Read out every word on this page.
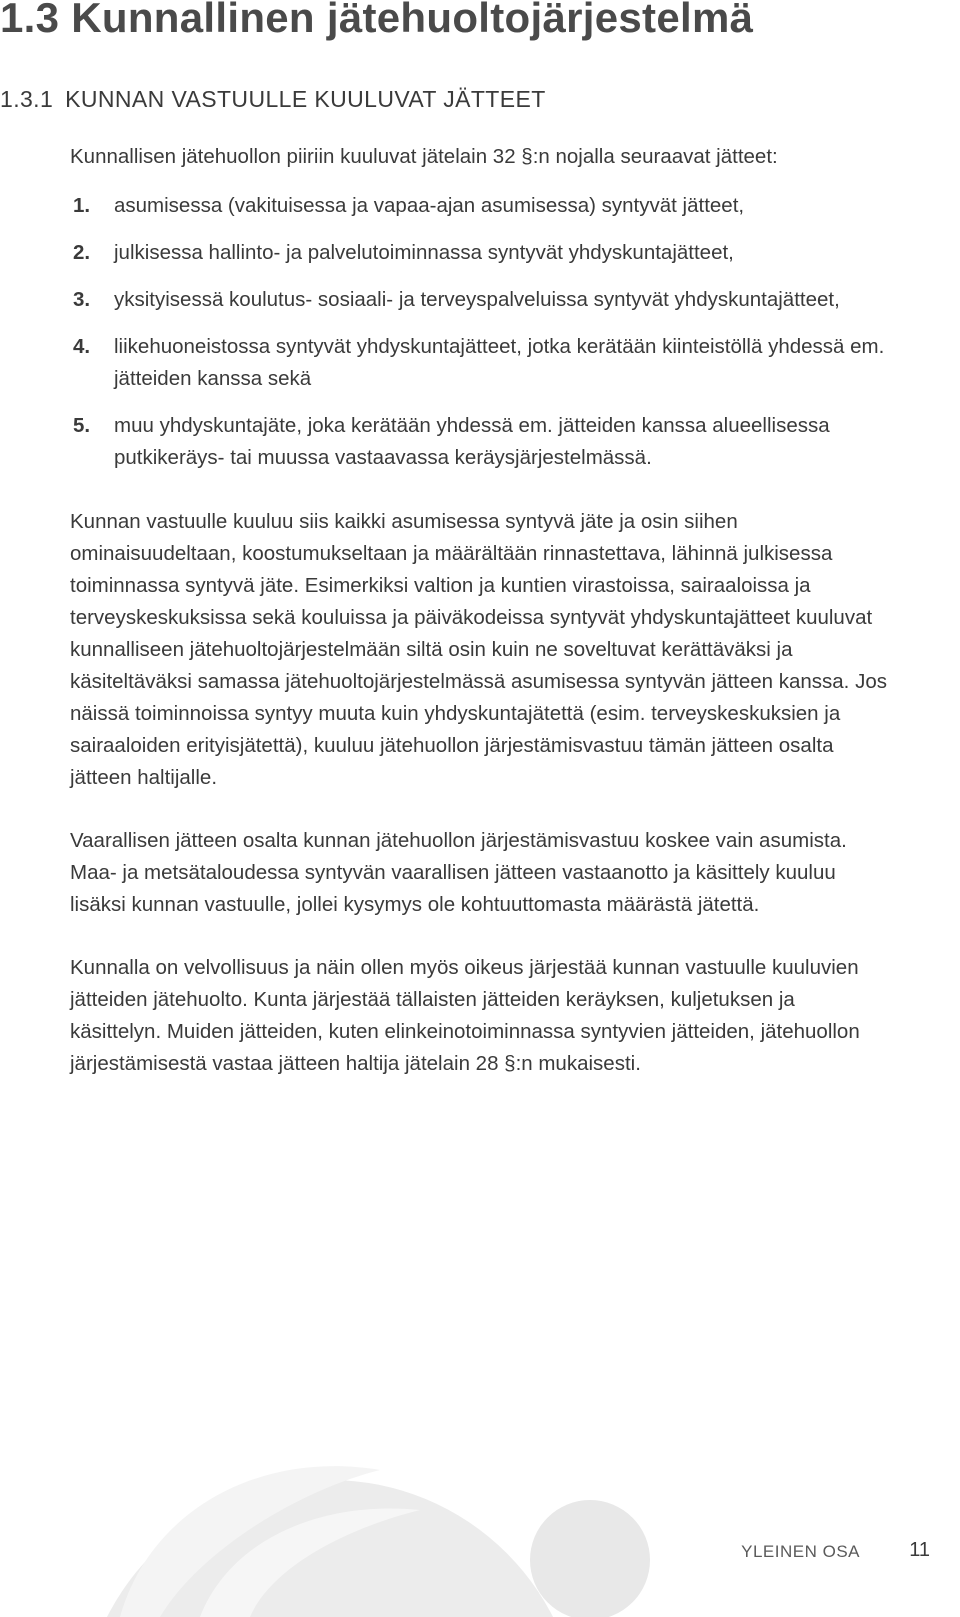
1.3 Kunnallinen jätehuoltojärjestelmä
1.3.1 KUNNAN VASTUULLE KUULUVAT JÄTTEET

Kunnallisen jätehuollon piiriin kuuluvat jätelain 32 §:n nojalla seuraavat jätteet:

1.	asumisessa (vakituisessa ja vapaa-ajan asumisessa) syntyvät jätteet,
2.	julkisessa hallinto- ja palvelutoiminnassa syntyvät yhdyskuntajätteet,
3.	yksityisessä koulutus- sosiaali- ja terveyspalveluissa syntyvät yhdyskuntajätteet,
4.	liikehuoneistossa syntyvät yhdyskuntajätteet, jotka kerätään kiinteistöllä yhdessä em. jätteiden kanssa sekä
5.	muu yhdyskuntajäte, joka kerätään yhdessä em. jätteiden kanssa alueellisessa putkikeräys- tai muussa vastaavassa keräysjärjestelmässä.

Kunnan vastuulle kuuluu siis kaikki asumisessa syntyvä jäte ja osin siihen ominaisuudeltaan, koostumukseltaan ja määrältään rinnastettava, lähinnä julkisessa toiminnassa syntyvä jäte. Esimerkiksi valtion ja kuntien virastoissa, sairaaloissa ja terveyskeskuksissa sekä kouluissa ja päiväkodeissa syntyvät yhdyskuntajätteet kuuluvat kunnalliseen jätehuoltojärjestelmään siltä osin kuin ne soveltuvat kerättäväksi ja käsiteltäväksi samassa jätehuoltojärjestelmässä asumisessa syntyvän jätteen kanssa. Jos näissä toiminnoissa syntyy muuta kuin yhdyskuntajätettä (esim. terveyskeskuksien ja sairaaloiden erityisjätettä), kuuluu jätehuollon järjestämisvastuu tämän jätteen osalta jätteen haltijalle.

Vaarallisen jätteen osalta kunnan jätehuollon järjestämisvastuu koskee vain asumista. Maa- ja metsätaloudessa syntyvän vaarallisen jätteen vastaanotto ja käsittely kuuluu lisäksi kunnan vastuulle, jollei kysymys ole kohtuuttomasta määrästä jätettä.

Kunnalla on velvollisuus ja näin ollen myös oikeus järjestää kunnan vastuulle kuuluvien jätteiden jätehuolto. Kunta järjestää tällaisten jätteiden keräyksen, kuljetuksen ja käsittelyn. Muiden jätteiden, kuten elinkeinotoiminnassa syntyvien jätteiden, jätehuollon järjestämisestä vastaa jätteen haltija jätelain 28 §:n mukaisesti.

YLEINEN OSA 11
